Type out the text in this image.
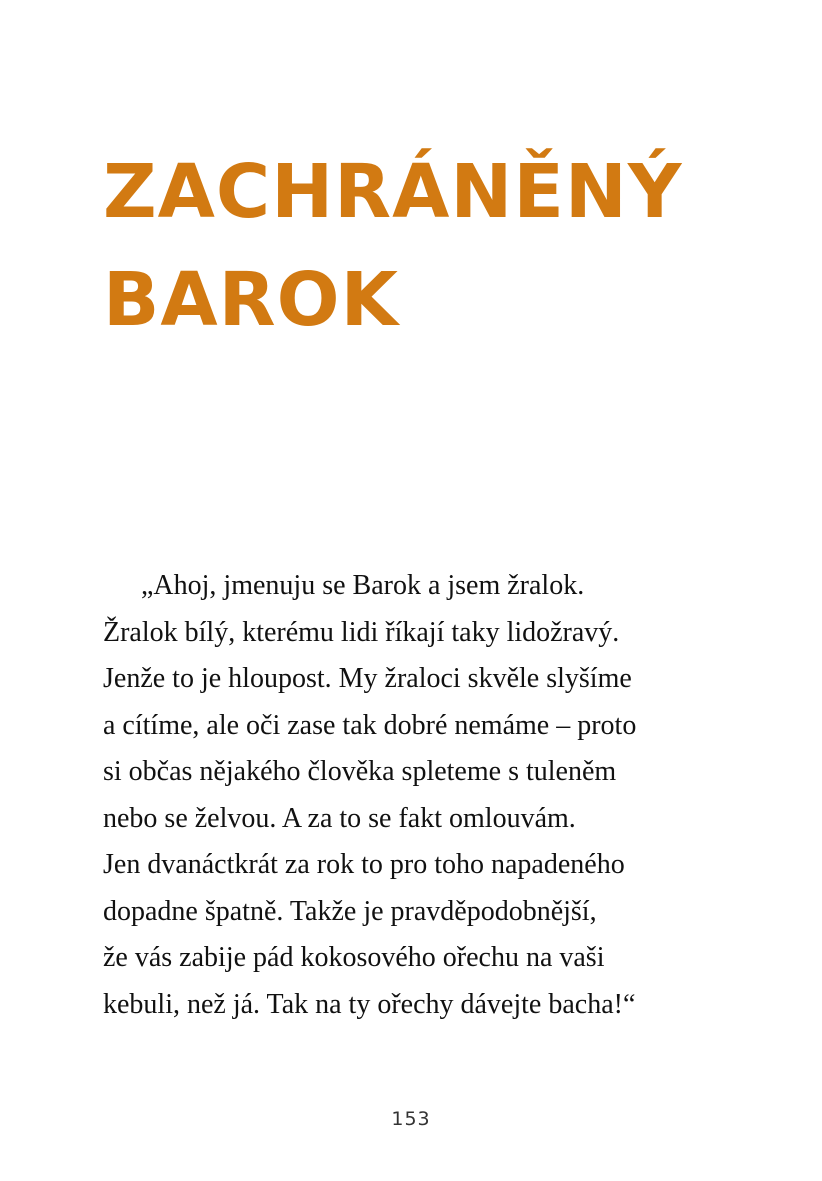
ZACHRÁNĚNÝ
BAROK
„Ahoj, jmenuju se Barok a jsem žralok.
Žralok bílý, kterému lidi říkají taky lidožravý.
Jenže to je hloupost. My žraloci skvěle slyšíme
a cítíme, ale oči zase tak dobré nemáme – proto
si občas nějakého člověka spleteme s tuleněm
nebo se želvou. A za to se fakt omlouvám.
Jen dvanáctkrát za rok to pro toho napadeného
dopadne špatně. Takže je pravděpodobnější,
že vás zabije pád kokosového ořechu na vaši
kebuli, než já. Tak na ty ořechy dávejte bacha!“
153
